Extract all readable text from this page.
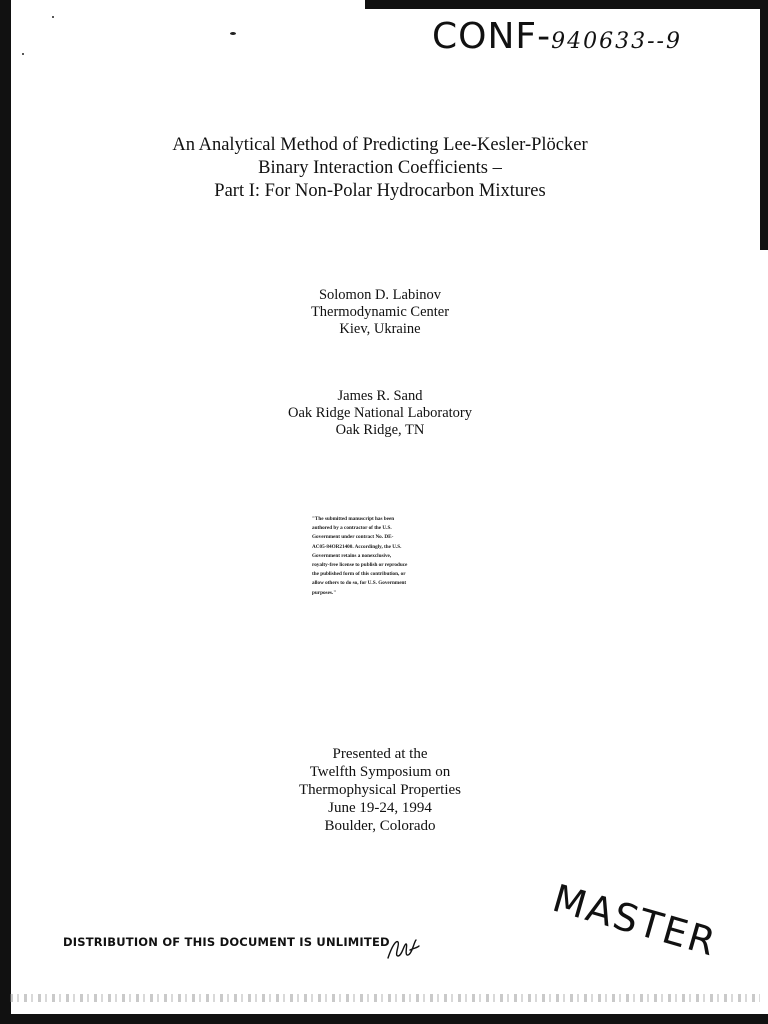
CONF-940633--9
An Analytical Method of Predicting Lee-Kesler-Plöcker
Binary Interaction Coefficients –
Part I: For Non-Polar Hydrocarbon Mixtures
Solomon D. Labinov
Thermodynamic Center
Kiev, Ukraine
James R. Sand
Oak Ridge National Laboratory
Oak Ridge, TN
"The submitted manuscript has been
authored by a contractor of the U.S.
Government under contract No. DE-
AC05-84OR21400. Accordingly, the U.S.
Government retains a nonexclusive,
royalty-free license to publish or reproduce
the published form of this contribution, or
allow others to do so, for U.S. Government
purposes."
Presented at the
Twelfth Symposium on
Thermophysical Properties
June 19-24, 1994
Boulder, Colorado
MASTER
DISTRIBUTION OF THIS DOCUMENT IS UNLIMITED
